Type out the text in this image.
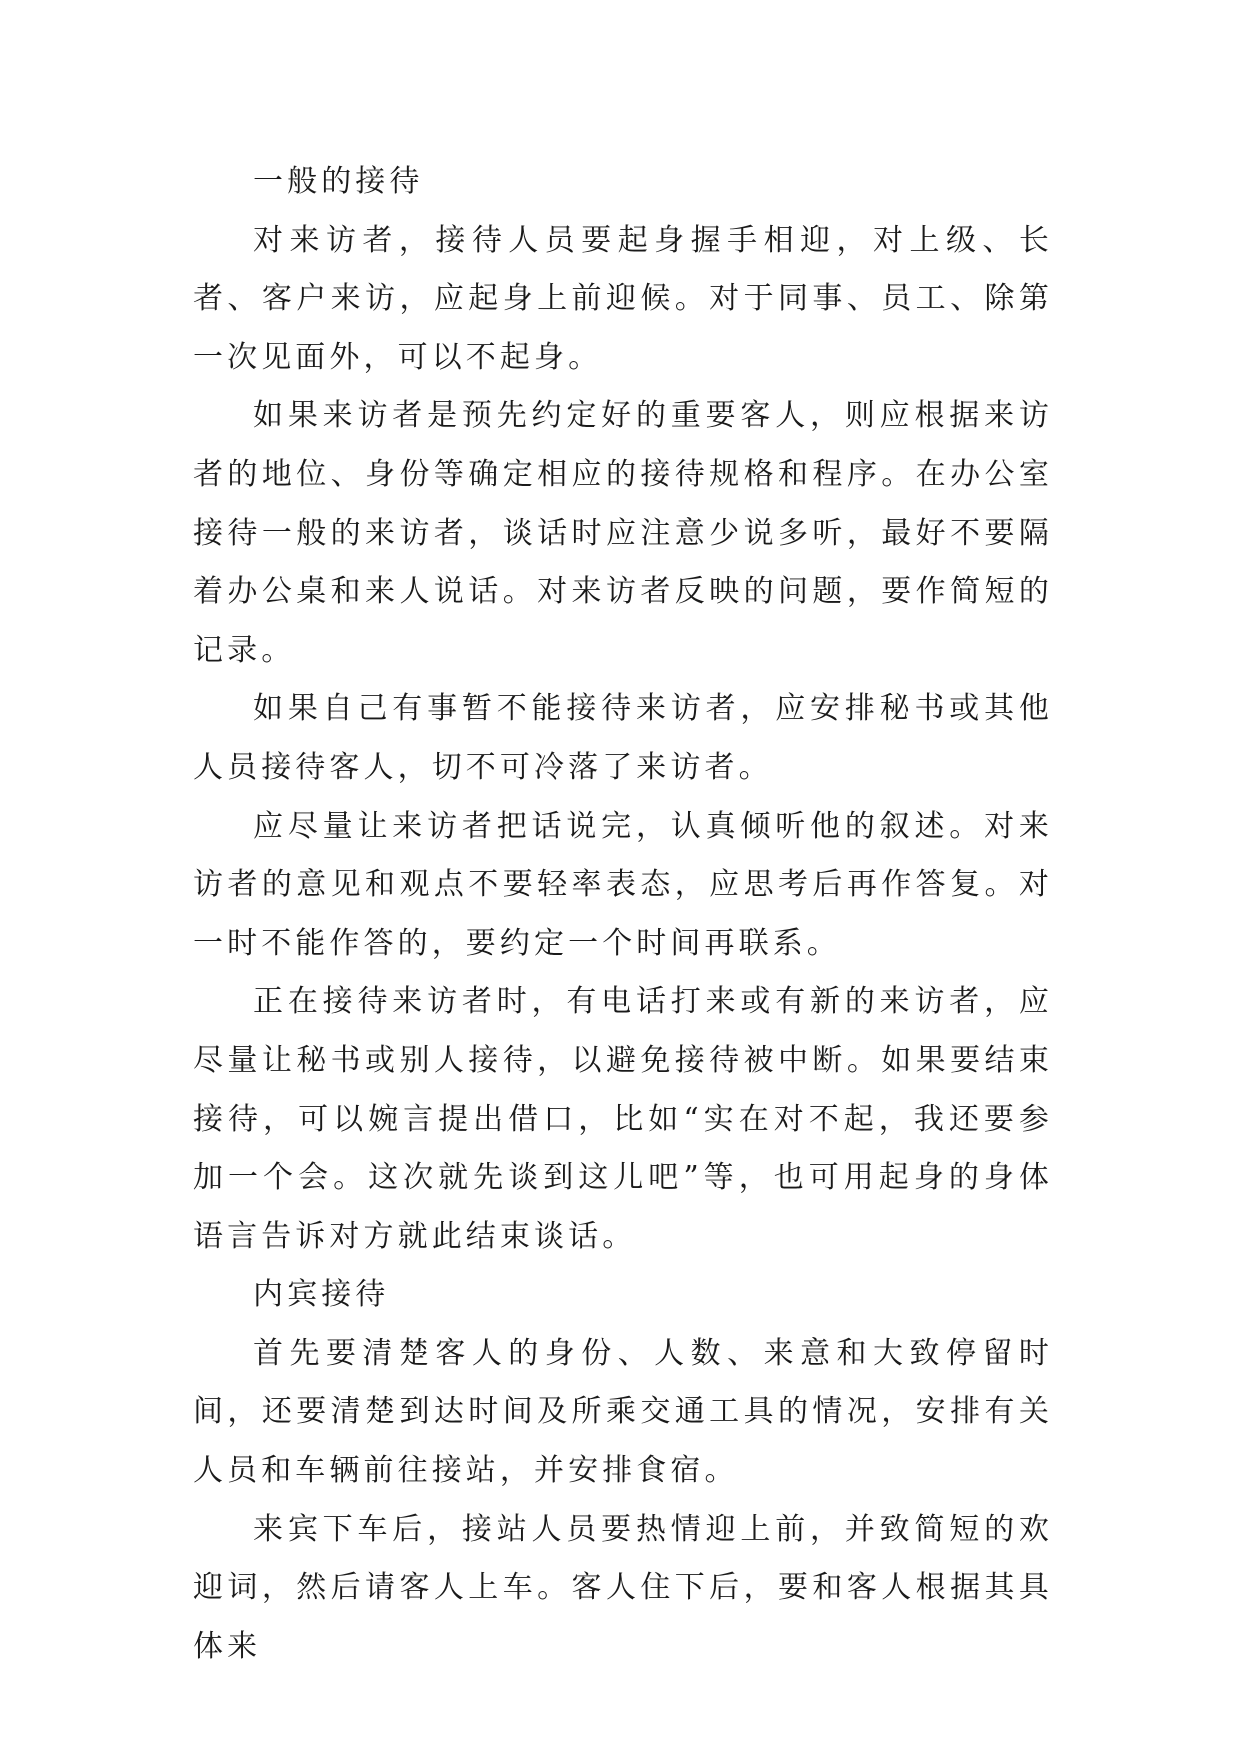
一般的接待

对来访者，接待人员要起身握手相迎，对上级、长者、客户来访，应起身上前迎候。对于同事、员工、除第一次见面外，可以不起身。

如果来访者是预先约定好的重要客人，则应根据来访者的地位、身份等确定相应的接待规格和程序。在办公室接待一般的来访者，谈话时应注意少说多听，最好不要隔着办公桌和来人说话。对来访者反映的问题，要作简短的记录。

如果自己有事暂不能接待来访者，应安排秘书或其他人员接待客人，切不可冷落了来访者。

应尽量让来访者把话说完，认真倾听他的叙述。对来访者的意见和观点不要轻率表态，应思考后再作答复。对一时不能作答的，要约定一个时间再联系。

正在接待来访者时，有电话打来或有新的来访者，应尽量让秘书或别人接待，以避免接待被中断。如果要结束接待，可以婉言提出借口，比如“实在对不起，我还要参加一个会。这次就先谈到这儿吧”等，也可用起身的身体语言告诉对方就此结束谈话。

内宾接待

首先要清楚客人的身份、人数、来意和大致停留时间，还要清楚到达时间及所乘交通工具的情况，安排有关人员和车辆前往接站，并安排食宿。

来宾下车后，接站人员要热情迎上前，并致简短的欢迎词，然后请客人上车。客人住下后，要和客人根据其具体来
